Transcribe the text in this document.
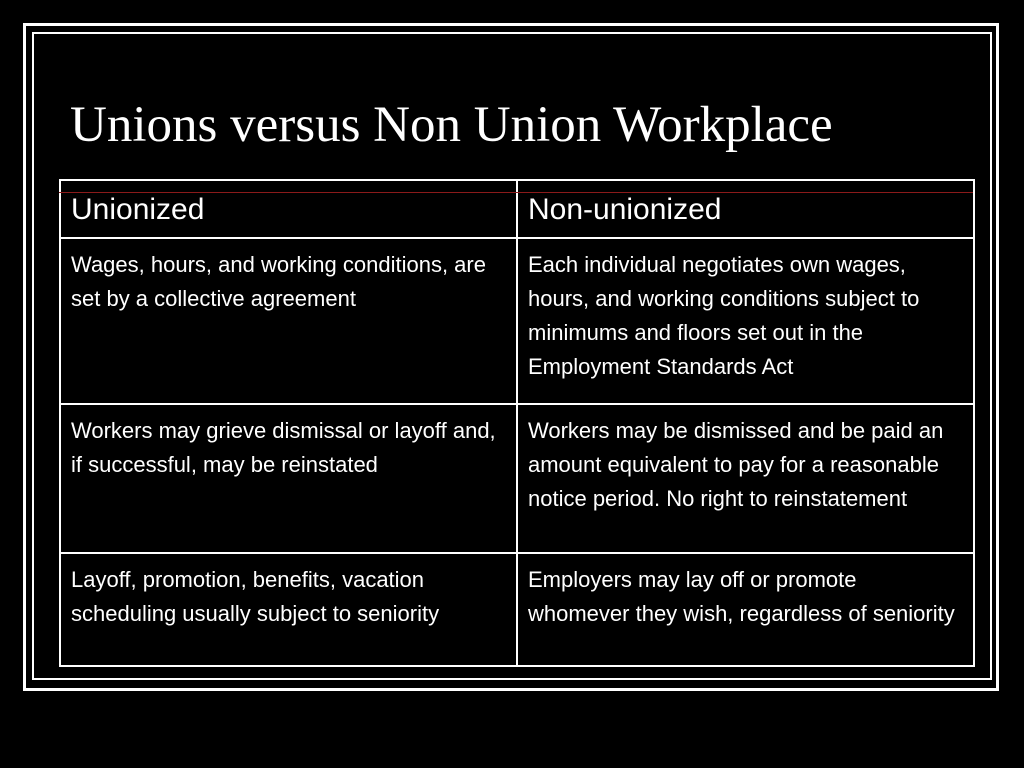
Unions versus Non Union Workplace
Unionized	Non-unionized
Wages, hours, and working conditions, are set by a collective agreement	Each individual negotiates own wages, hours, and working conditions subject to minimums and floors set out in the Employment Standards Act
Workers may grieve dismissal or layoff and, if successful, may be reinstated	Workers may be dismissed and be paid an amount equivalent to pay for a reasonable notice period. No right to reinstatement
Layoff, promotion, benefits, vacation scheduling usually subject to seniority	Employers may lay off or promote whomever they wish, regardless of seniority
